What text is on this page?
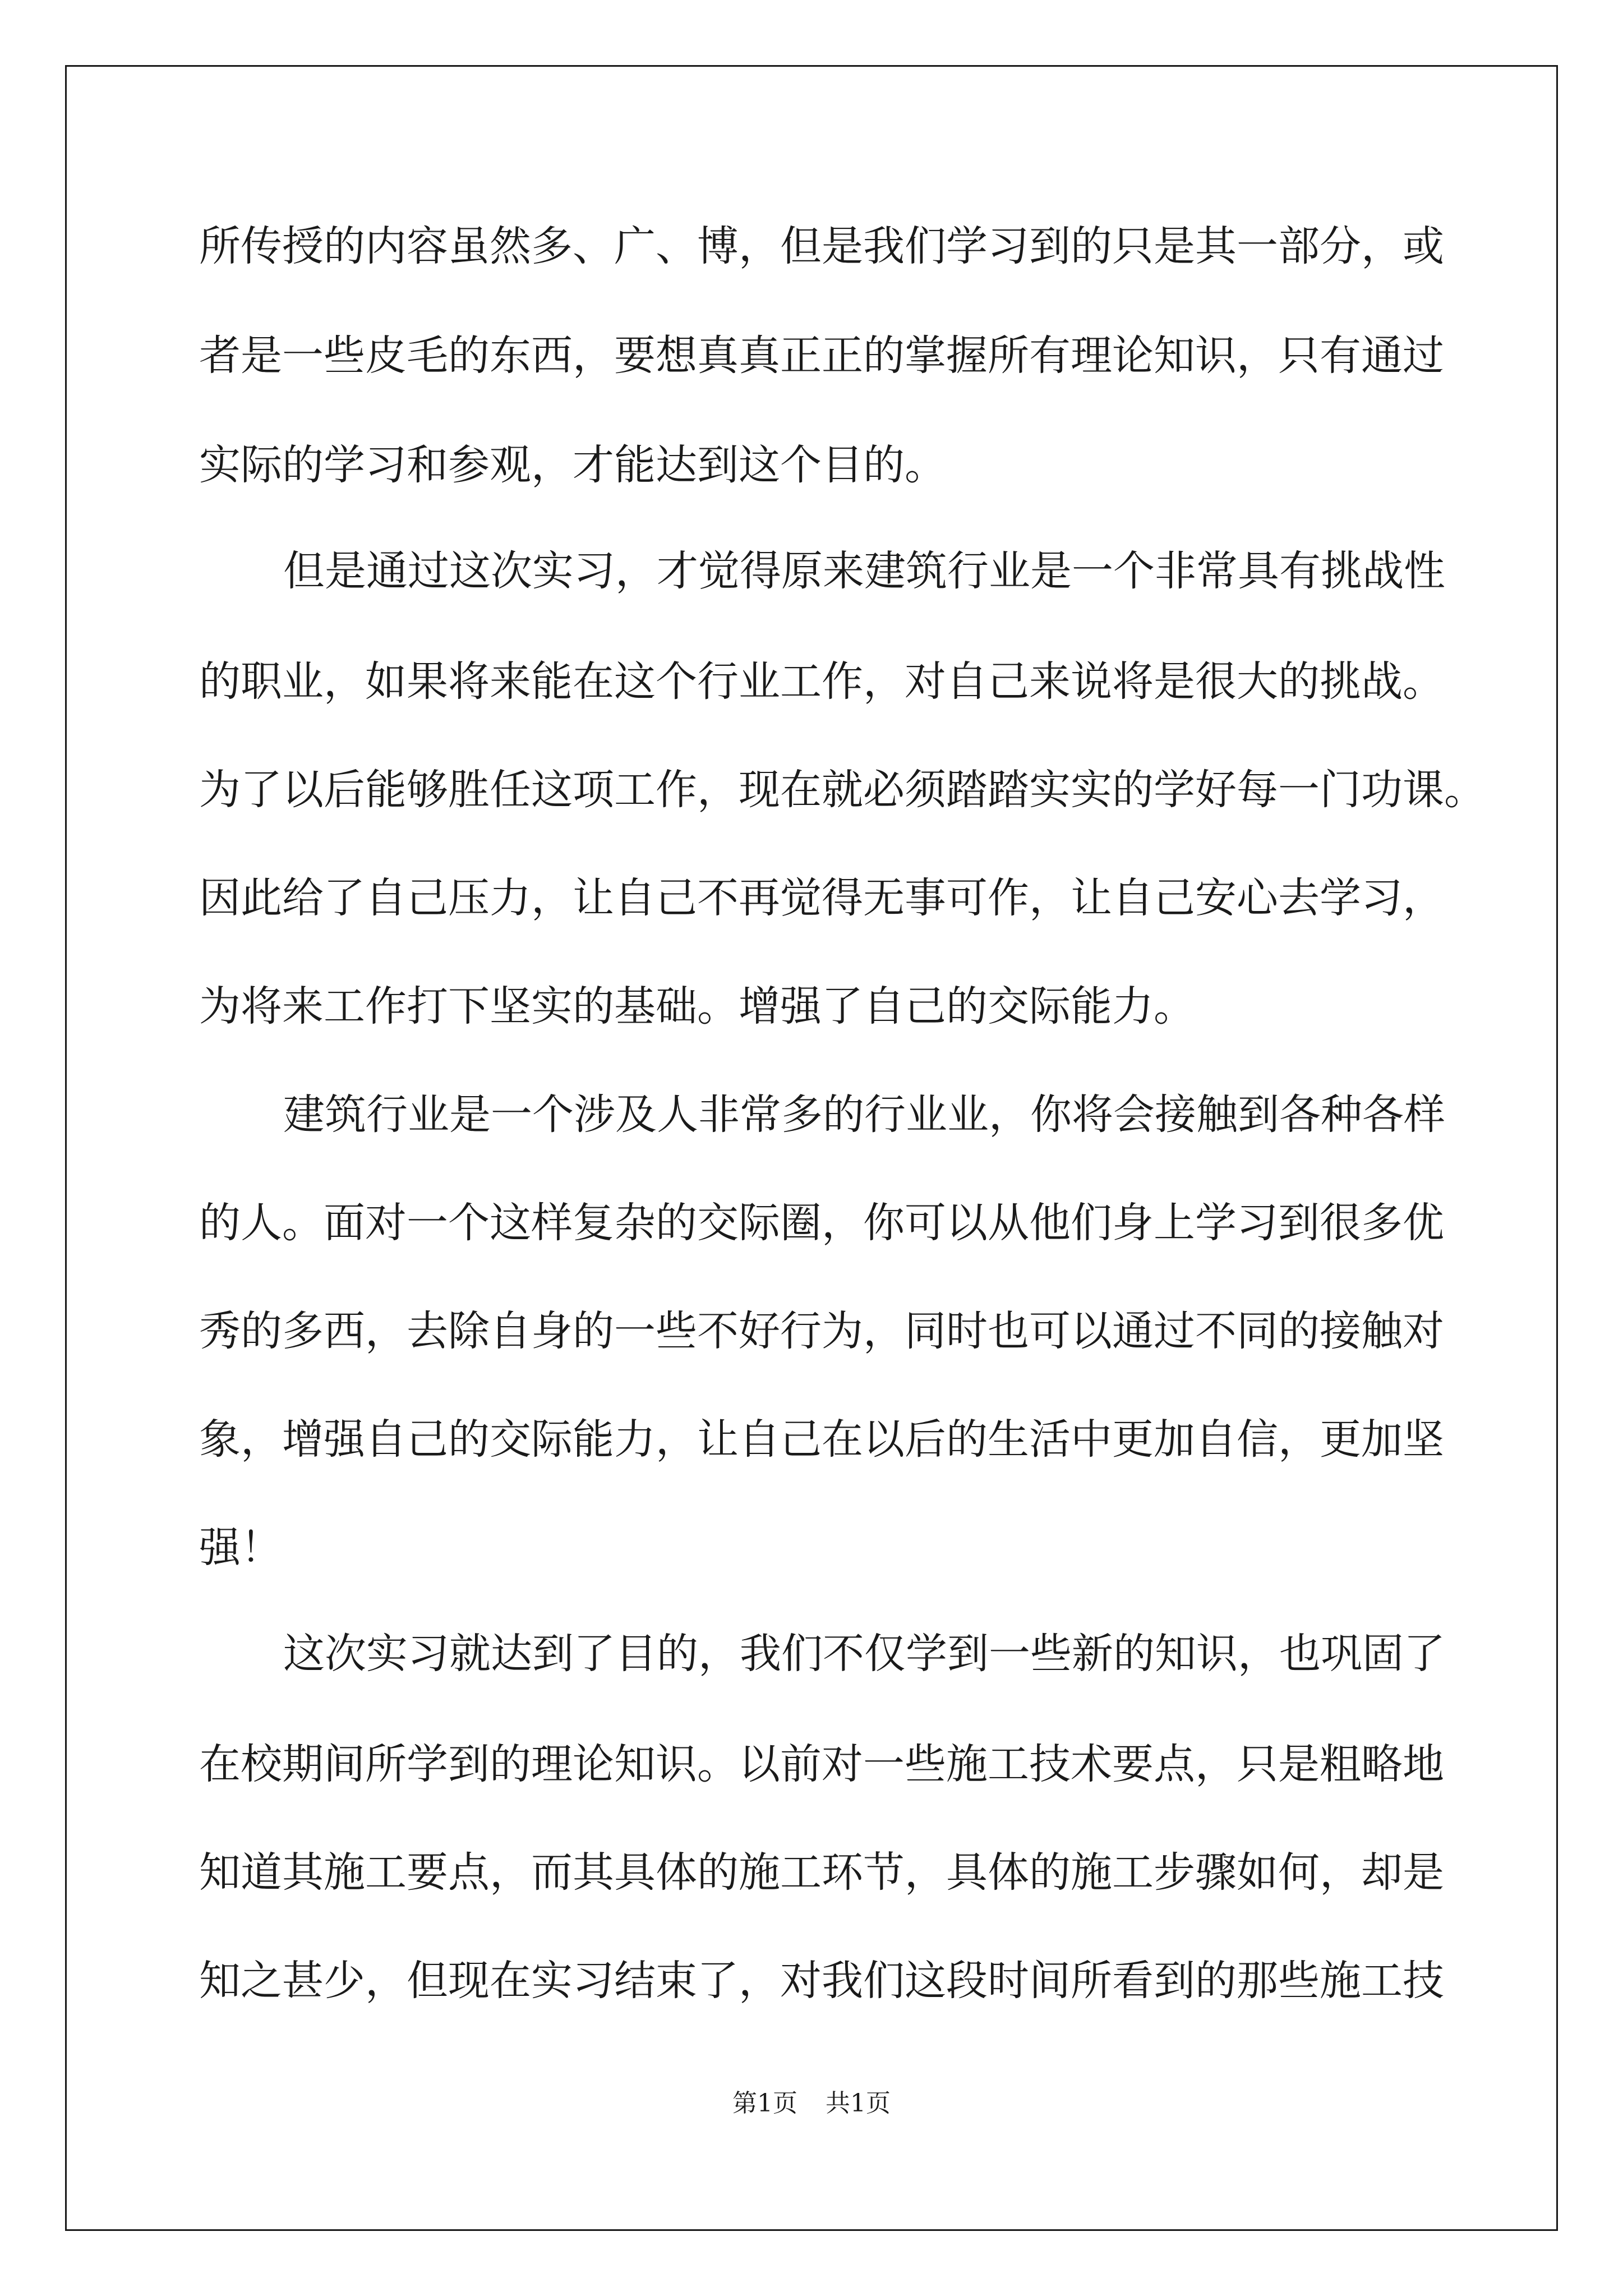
所传授的内容虽然多、广、博，但是我们学习到的只是其一部分，或
者是一些皮毛的东西，要想真真正正的掌握所有理论知识，只有通过
实际的学习和参观，才能达到这个目的。
但是通过这次实习，才觉得原来建筑行业是一个非常具有挑战性
的职业，如果将来能在这个行业工作，对自己来说将是很大的挑战。
为了以后能够胜任这项工作，现在就必须踏踏实实的学好每一门功课。
因此给了自己压力，让自己不再觉得无事可作，让自己安心去学习，
为将来工作打下坚实的基础。增强了自己的交际能力。
建筑行业是一个涉及人非常多的行业业，你将会接触到各种各样
的人。面对一个这样复杂的交际圈，你可以从他们身上学习到很多优
秀的多西，去除自身的一些不好行为，同时也可以通过不同的接触对
象，增强自己的交际能力，让自己在以后的生活中更加自信，更加坚
强！
这次实习就达到了目的，我们不仅学到一些新的知识，也巩固了
在校期间所学到的理论知识。以前对一些施工技术要点，只是粗略地
知道其施工要点，而其具体的施工环节，具体的施工步骤如何，却是
知之甚少，但现在实习结束了，对我们这段时间所看到的那些施工技
第1页 共1页
